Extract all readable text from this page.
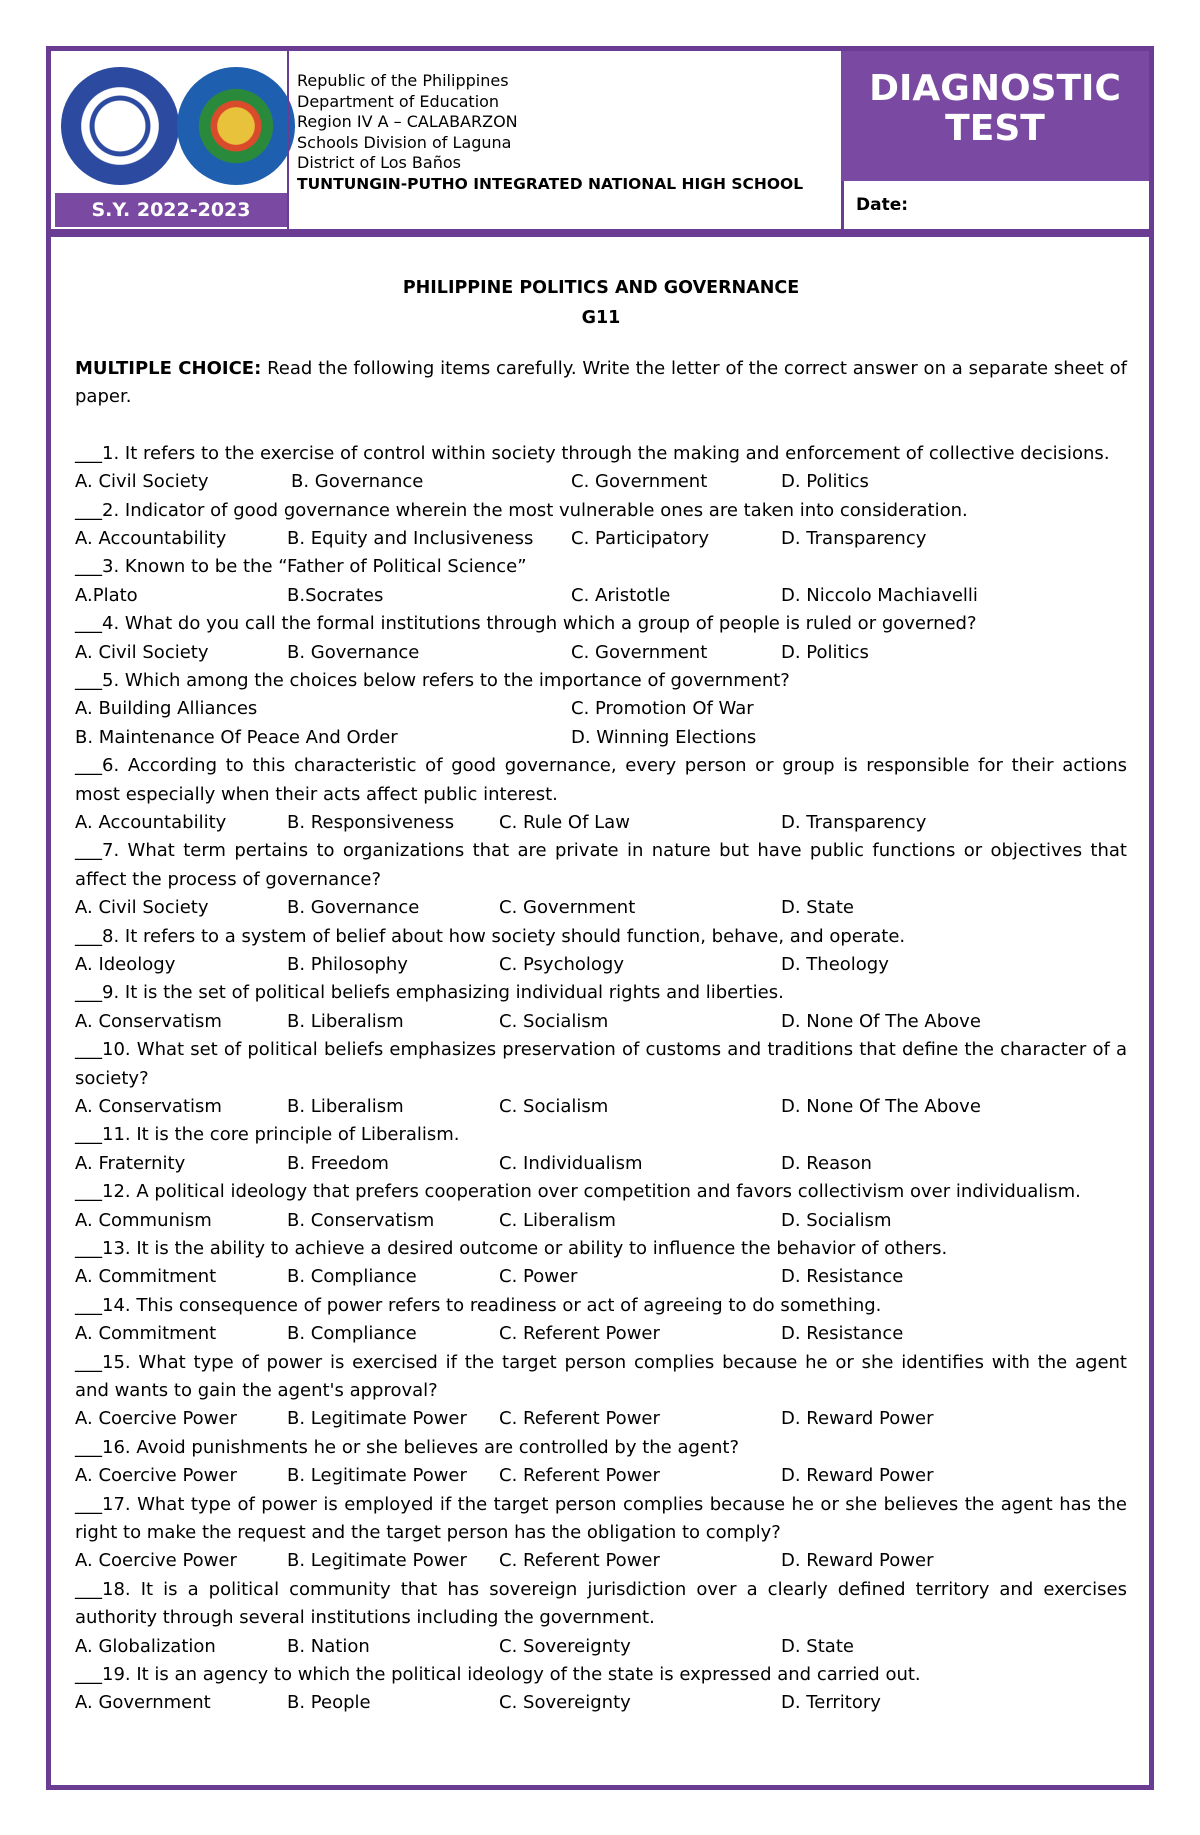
S.Y. 2022-2023
Republic of the Philippines
Department of Education
Region IV A – CALABARZON
Schools Division of Laguna
District of Los Baños
TUNTUNGIN-PUTHO INTEGRATED NATIONAL HIGH SCHOOL
DIAGNOSTIC
TEST
Date:
PHILIPPINE POLITICS AND GOVERNANCE
G11
MULTIPLE CHOICE: Read the following items carefully. Write the letter of the correct answer on a separate sheet of paper.
___1. It refers to the exercise of control within society through the making and enforcement of collective decisions.
A. Civil Society	B. Governance	C. Government	D. Politics
___2. Indicator of good governance wherein the most vulnerable ones are taken into consideration.
A. Accountability	B. Equity and Inclusiveness C. Participatory	D. Transparency
___3. Known to be the “Father of Political Science”
A.Plato	B.Socrates	C. Aristotle	D. Niccolo Machiavelli
___4. What do you call the formal institutions through which a group of people is ruled or governed?
A. Civil Society	B. Governance	C. Government	D. Politics
___5. Which among the choices below refers to the importance of government?
A. Building Alliances	C. Promotion Of War
B. Maintenance Of Peace And Order	D. Winning Elections
___6. According to this characteristic of good governance, every person or group is responsible for their actions most especially when their acts affect public interest.
A. Accountability	B. Responsiveness C. Rule Of Law	D. Transparency
___7. What term pertains to organizations that are private in nature but have public functions or objectives that affect the process of governance?
A. Civil Society	B. Governance	C. Government	D. State
___8. It refers to a system of belief about how society should function, behave, and operate.
A. Ideology	B. Philosophy	C. Psychology	D. Theology
___9. It is the set of political beliefs emphasizing individual rights and liberties.
A. Conservatism	B. Liberalism	C. Socialism	D. None Of The Above
___10. What set of political beliefs emphasizes preservation of customs and traditions that define the character of a society?
A. Conservatism	B. Liberalism	C. Socialism	D. None Of The Above
___11. It is the core principle of Liberalism.
A. Fraternity	B. Freedom	C. Individualism	D. Reason
___12. A political ideology that prefers cooperation over competition and favors collectivism over individualism.
A. Communism	B. Conservatism	C. Liberalism	D. Socialism
___13. It is the ability to achieve a desired outcome or ability to influence the behavior of others.
A. Commitment	B. Compliance	C. Power	D. Resistance
___14. This consequence of power refers to readiness or act of agreeing to do something.
A. Commitment	B. Compliance	C. Referent Power	D. Resistance
___15. What type of power is exercised if the target person complies because he or she identifies with the agent and wants to gain the agent's approval?
A. Coercive Power	B. Legitimate Power C. Referent Power	D. Reward Power
___16. Avoid punishments he or she believes are controlled by the agent?
A. Coercive Power	B. Legitimate Power C. Referent Power	D. Reward Power
___17. What type of power is employed if the target person complies because he or she believes the agent has the right to make the request and the target person has the obligation to comply?
A. Coercive Power	B. Legitimate Power C. Referent Power	D. Reward Power
___18. It is a political community that has sovereign jurisdiction over a clearly defined territory and exercises authority through several institutions including the government.
A. Globalization	B. Nation	C. Sovereignty	D. State
___19. It is an agency to which the political ideology of the state is expressed and carried out.
A. Government	B. People	C. Sovereignty	D. Territory
